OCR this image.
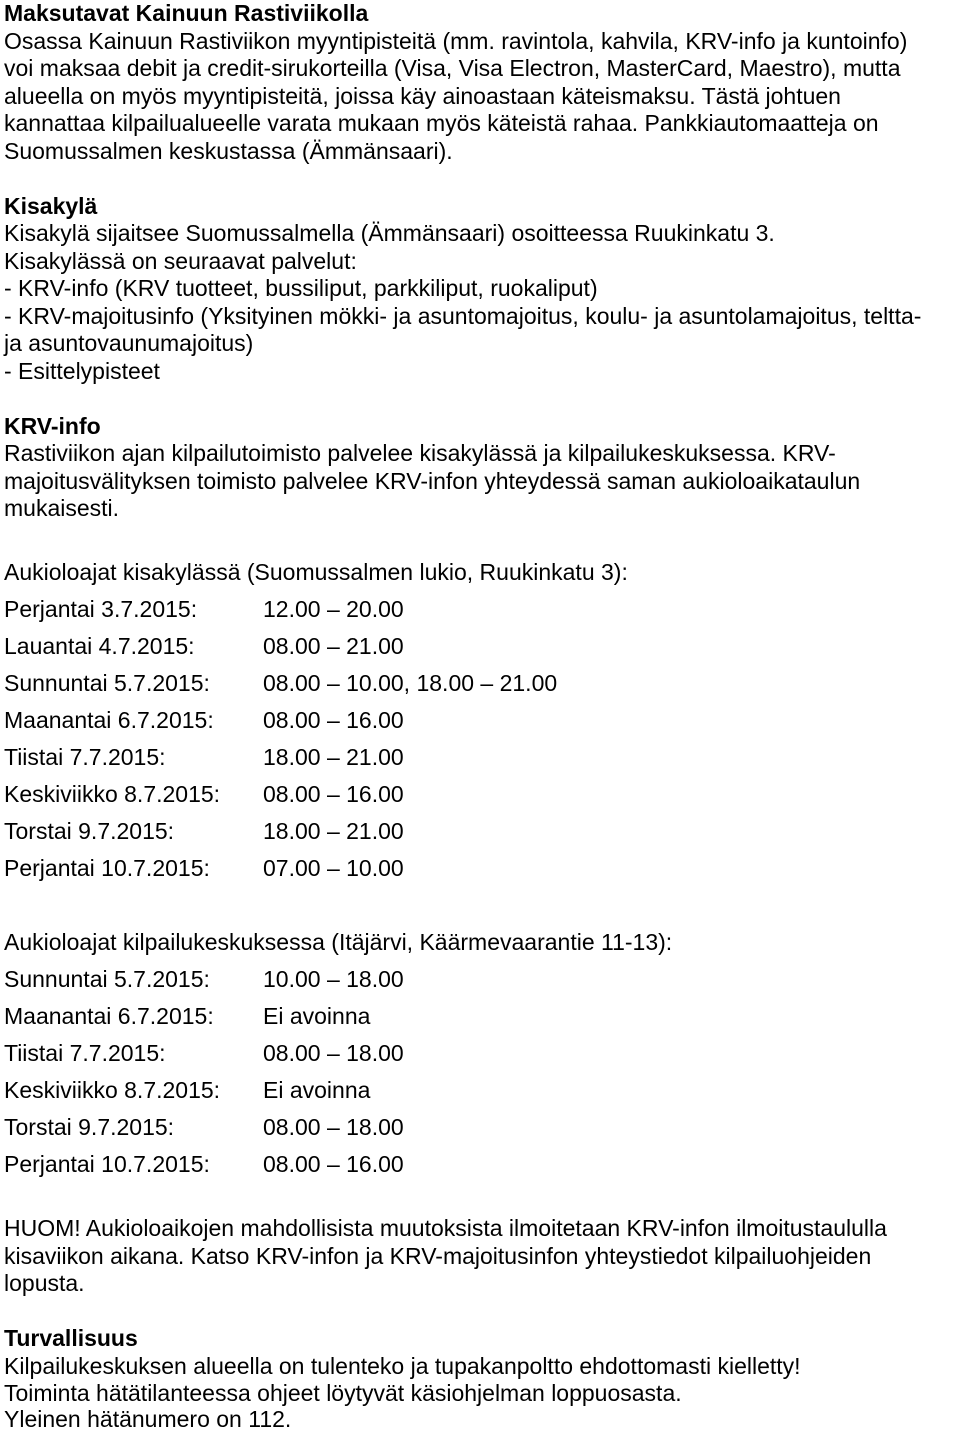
Maksutavat Kainuun Rastiviikolla
Osassa Kainuun Rastiviikon myyntipisteitä (mm. ravintola, kahvila, KRV-info ja kuntoinfo)
voi maksaa debit ja credit-sirukorteilla (Visa, Visa Electron, MasterCard, Maestro), mutta
alueella on myös myyntipisteitä, joissa käy ainoastaan käteismaksu. Tästä johtuen
kannattaa kilpailualueelle varata mukaan myös käteistä rahaa. Pankkiautomaatteja on
Suomussalmen keskustassa (Ämmänsaari).
Kisakylä
Kisakylä sijaitsee Suomussalmella (Ämmänsaari) osoitteessa Ruukinkatu 3.
Kisakylässä on seuraavat palvelut:
- KRV-info (KRV tuotteet, bussiliput, parkkiliput, ruokaliput)
- KRV-majoitusinfo (Yksityinen mökki- ja asuntomajoitus, koulu- ja asuntolamajoitus, teltta-
ja asuntovaunumajoitus)
- Esittelypisteet
KRV-info
Rastiviikon ajan kilpailutoimisto palvelee kisakylässä ja kilpailukeskuksessa. KRV-
majoitusvälityksen toimisto palvelee KRV-infon yhteydessä saman aukioloaikataulun
mukaisesti.
Aukioloajat kisakylässä (Suomussalmen lukio, Ruukinkatu 3):
Perjantai 3.7.2015:	12.00 – 20.00
Lauantai 4.7.2015:	08.00 – 21.00
Sunnuntai 5.7.2015:	08.00 – 10.00, 18.00 – 21.00
Maanantai 6.7.2015:	08.00 – 16.00
Tiistai 7.7.2015:	18.00 – 21.00
Keskiviikko 8.7.2015:	08.00 – 16.00
Torstai 9.7.2015:	18.00 – 21.00
Perjantai 10.7.2015:	07.00 – 10.00
Aukioloajat kilpailukeskuksessa (Itäjärvi, Käärmevaarantie 11-13):
Sunnuntai 5.7.2015:	10.00 – 18.00
Maanantai 6.7.2015:	Ei avoinna
Tiistai 7.7.2015:	08.00 – 18.00
Keskiviikko 8.7.2015:	Ei avoinna
Torstai 9.7.2015:	08.00 – 18.00
Perjantai 10.7.2015:	08.00 – 16.00
HUOM! Aukioloaikojen mahdollisista muutoksista ilmoitetaan KRV-infon ilmoitustaululla
kisaviikon aikana. Katso KRV-infon ja KRV-majoitusinfon yhteystiedot kilpailuohjeiden
lopusta.
Turvallisuus
Kilpailukeskuksen alueella on tulenteko ja tupakanpoltto ehdottomasti kielletty!
Toiminta hätätilanteessa ohjeet löytyvät käsiohjelman loppuosasta.
Yleinen hätänumero on 112.
